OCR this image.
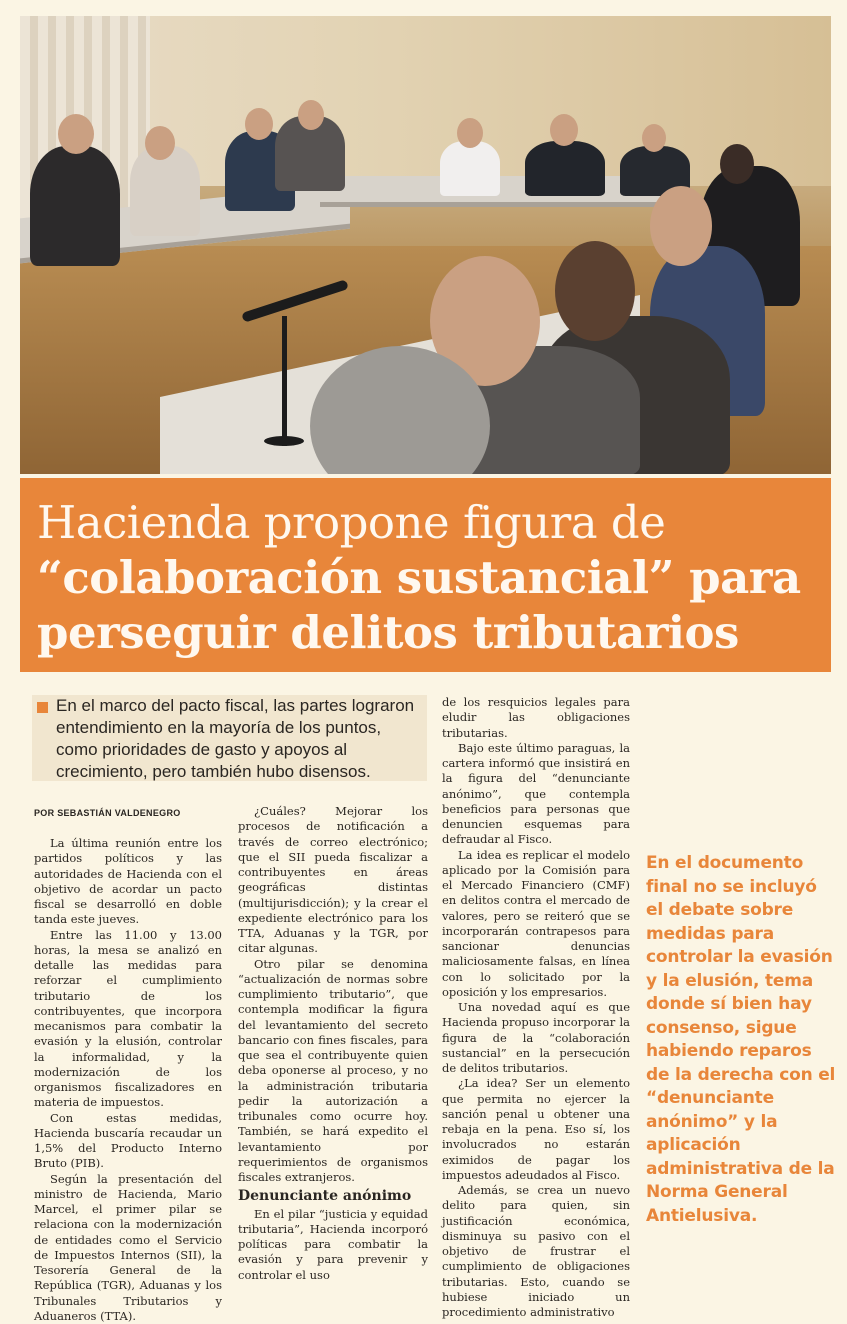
Hacienda propone figura de
“colaboración sustancial” para
perseguir delitos tributarios

En el marco del pacto fiscal, las partes lograron entendimiento en la mayoría de los puntos, como prioridades de gasto y apoyos al crecimiento, pero también hubo disensos.

POR SEBASTIÁN VALDENEGRO

La última reunión entre los partidos políticos y las autoridades de Hacienda con el objetivo de acordar un pacto fiscal se desarrolló en doble tanda este jueves.

Entre las 11.00 y 13.00 horas, la mesa se analizó en detalle las medidas para reforzar el cumplimiento tributario de los contribuyentes, que incorpora mecanismos para combatir la evasión y la elusión, controlar la informalidad, y la modernización de los organismos fiscalizadores en materia de impuestos.

Con estas medidas, Hacienda buscaría recaudar un 1,5% del Producto Interno Bruto (PIB).

Según la presentación del ministro de Hacienda, Mario Marcel, el primer pilar se relaciona con la modernización de entidades como el Servicio de Impuestos Internos (SII), la Tesorería General de la República (TGR), Aduanas y los Tribunales Tributarios y Aduaneros (TTA).

¿Cuáles? Mejorar los procesos de notificación a través de correo electrónico; que el SII pueda fiscalizar a contribuyentes en áreas geográficas distintas (multijurisdicción); y la crear el expediente electrónico para los TTA, Aduanas y la TGR, por citar algunas.

Otro pilar se denomina “actualización de normas sobre cumplimiento tributario”, que contempla modificar la figura del levantamiento del secreto bancario con fines fiscales, para que sea el contribuyente quien deba oponerse al proceso, y no la administración tributaria pedir la autorización a tribunales como ocurre hoy. También, se hará expedito el levantamiento por requerimientos de organismos fiscales extranjeros.

Denunciante anónimo

En el pilar “justicia y equidad tributaria”, Hacienda incorporó políticas para combatir la evasión y para prevenir y controlar el uso

de los resquicios legales para eludir las obligaciones tributarias.

Bajo este último paraguas, la cartera informó que insistirá en la figura del “denunciante anónimo”, que contempla beneficios para personas que denuncien esquemas para defraudar al Fisco.

La idea es replicar el modelo aplicado por la Comisión para el Mercado Financiero (CMF) en delitos contra el mercado de valores, pero se reiteró que se incorporarán contrapesos para sancionar denuncias maliciosamente falsas, en línea con lo solicitado por la oposición y los empresarios.

Una novedad aquí es que Hacienda propuso incorporar la figura de la “colaboración sustancial” en la persecución de delitos tributarios.

¿La idea? Ser un elemento que permita no ejercer la sanción penal u obtener una rebaja en la pena. Eso sí, los involucrados no estarán eximidos de pagar los impuestos adeudados al Fisco.

Además, se crea un nuevo delito para quien, sin justificación económica, disminuya su pasivo con el objetivo de frustrar el cumplimiento de obligaciones tributarias. Esto, cuando se hubiese iniciado un procedimiento administrativo

En el documento final no se incluyó el debate sobre medidas para controlar la evasión y la elusión, tema donde sí bien hay consenso, sigue habiendo reparos de la derecha con el “denunciante anónimo” y la aplicación administrativa de la Norma General Antielusiva.
